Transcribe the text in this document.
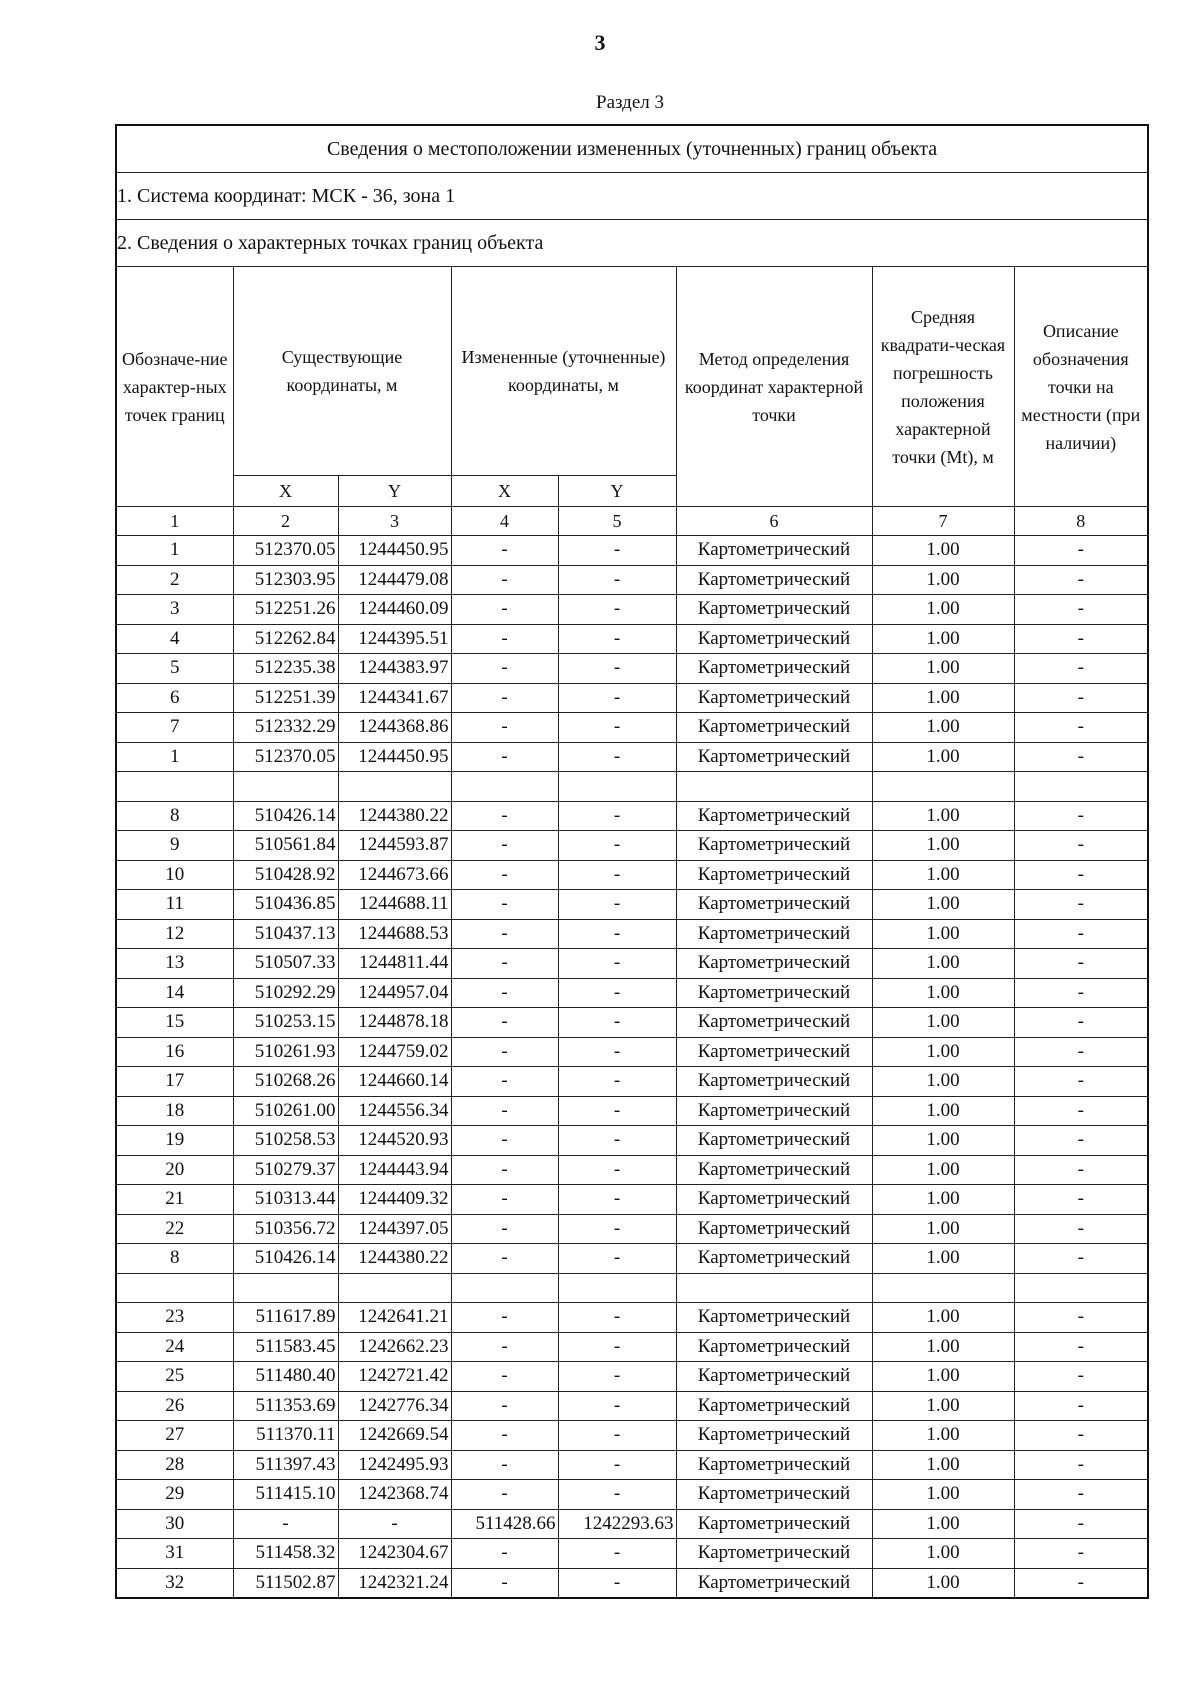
3
Раздел 3
Сведения о местоположении измененных (уточненных) границ объекта							
1. Система координат: МСК - 36, зона 1							
2. Сведения о характерных точках границ объекта							
Обозначе-ние характер-ных точек границ	Существующие координаты, м		Измененные (уточненные) координаты, м		Метод определения координат характерной точки	Средняя квадрати-ческая погрешность положения характерной точки (Mt), м	Описание обозначения точки на местности (при наличии)
	X	Y	X	Y			
1	2	3	4	5	6	7	8
1	512370.05	1244450.95	-	-	Картометрический	1.00	-
2	512303.95	1244479.08	-	-	Картометрический	1.00	-
3	512251.26	1244460.09	-	-	Картометрический	1.00	-
4	512262.84	1244395.51	-	-	Картометрический	1.00	-
5	512235.38	1244383.97	-	-	Картометрический	1.00	-
6	512251.39	1244341.67	-	-	Картометрический	1.00	-
7	512332.29	1244368.86	-	-	Картометрический	1.00	-
1	512370.05	1244450.95	-	-	Картометрический	1.00	-

8	510426.14	1244380.22	-	-	Картометрический	1.00	-
9	510561.84	1244593.87	-	-	Картометрический	1.00	-
10	510428.92	1244673.66	-	-	Картометрический	1.00	-
11	510436.85	1244688.11	-	-	Картометрический	1.00	-
12	510437.13	1244688.53	-	-	Картометрический	1.00	-
13	510507.33	1244811.44	-	-	Картометрический	1.00	-
14	510292.29	1244957.04	-	-	Картометрический	1.00	-
15	510253.15	1244878.18	-	-	Картометрический	1.00	-
16	510261.93	1244759.02	-	-	Картометрический	1.00	-
17	510268.26	1244660.14	-	-	Картометрический	1.00	-
18	510261.00	1244556.34	-	-	Картометрический	1.00	-
19	510258.53	1244520.93	-	-	Картометрический	1.00	-
20	510279.37	1244443.94	-	-	Картометрический	1.00	-
21	510313.44	1244409.32	-	-	Картометрический	1.00	-
22	510356.72	1244397.05	-	-	Картометрический	1.00	-
8	510426.14	1244380.22	-	-	Картометрический	1.00	-

23	511617.89	1242641.21	-	-	Картометрический	1.00	-
24	511583.45	1242662.23	-	-	Картометрический	1.00	-
25	511480.40	1242721.42	-	-	Картометрический	1.00	-
26	511353.69	1242776.34	-	-	Картометрический	1.00	-
27	511370.11	1242669.54	-	-	Картометрический	1.00	-
28	511397.43	1242495.93	-	-	Картометрический	1.00	-
29	511415.10	1242368.74	-	-	Картометрический	1.00	-
30	-	-	511428.66	1242293.63	Картометрический	1.00	-
31	511458.32	1242304.67	-	-	Картометрический	1.00	-
32	511502.87	1242321.24	-	-	Картометрический	1.00	-
